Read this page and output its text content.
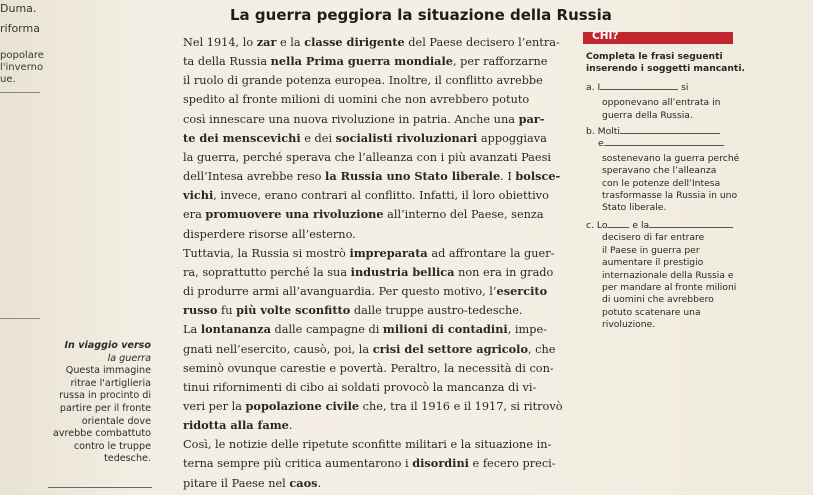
Duma.
riforma
popolare
l'inverno
ue.
In viaggio verso
la guerra
Questa immagine
ritrae l'artiglieria
russa in procinto di
partire per il fronte
orientale dove
avrebbe combattuto
contro le truppe
tedesche.
La guerra peggiora la situazione della Russia
Nel 1914, lo zar e la classe dirigente del Paese decisero l’entra-
ta della Russia nella Prima guerra mondiale, per rafforzarne
il ruolo di grande potenza europea. Inoltre, il conflitto avrebbe
spedito al fronte milioni di uomini che non avrebbero potuto
così innescare una nuova rivoluzione in patria. Anche una par-
te dei menscevichi e dei socialisti rivoluzionari appoggiava
la guerra, perché sperava che l’alleanza con i più avanzati Paesi
dell’Intesa avrebbe reso la Russia uno Stato liberale. I bolsce-
vichi, invece, erano contrari al conflitto. Infatti, il loro obiettivo
era promuovere una rivoluzione all’interno del Paese, senza
disperdere risorse all’esterno.
Tuttavia, la Russia si mostrò impreparata ad affrontare la guer-
ra, soprattutto perché la sua industria bellica non era in grado
di produrre armi all’avanguardia. Per questo motivo, l’esercito
russo fu più volte sconfitto dalle truppe austro-tedesche.
La lontananza dalle campagne di milioni di contadini, impe-
gnati nell’esercito, causò, poi, la crisi del settore agricolo, che
seminò ovunque carestie e povertà. Peraltro, la necessità di con-
tinui rifornimenti di cibo ai soldati provocò la mancanza di vi-
veri per la popolazione civile che, tra il 1916 e il 1917, si ritrovò
ridotta alla fame.
Così, le notizie delle ripetute sconfitte militari e la situazione in-
terna sempre più critica aumentarono i disordini e fecero preci-
pitare il Paese nel caos.
CHI?
Completa le frasi seguenti
inserendo i soggetti mancanti.
a. I	si
opponevano all’entrata in
guerra della Russia.
b. Molti
e
sostenevano la guerra perché
speravano che l’alleanza
con le potenze dell’Intesa
trasformasse la Russia in uno
Stato liberale.
c. Lo	e la
decisero di far entrare
il Paese in guerra per
aumentare il prestigio
internazionale della Russia e
per mandare al fronte milioni
di uomini che avrebbero
potuto scatenare una
rivoluzione.
